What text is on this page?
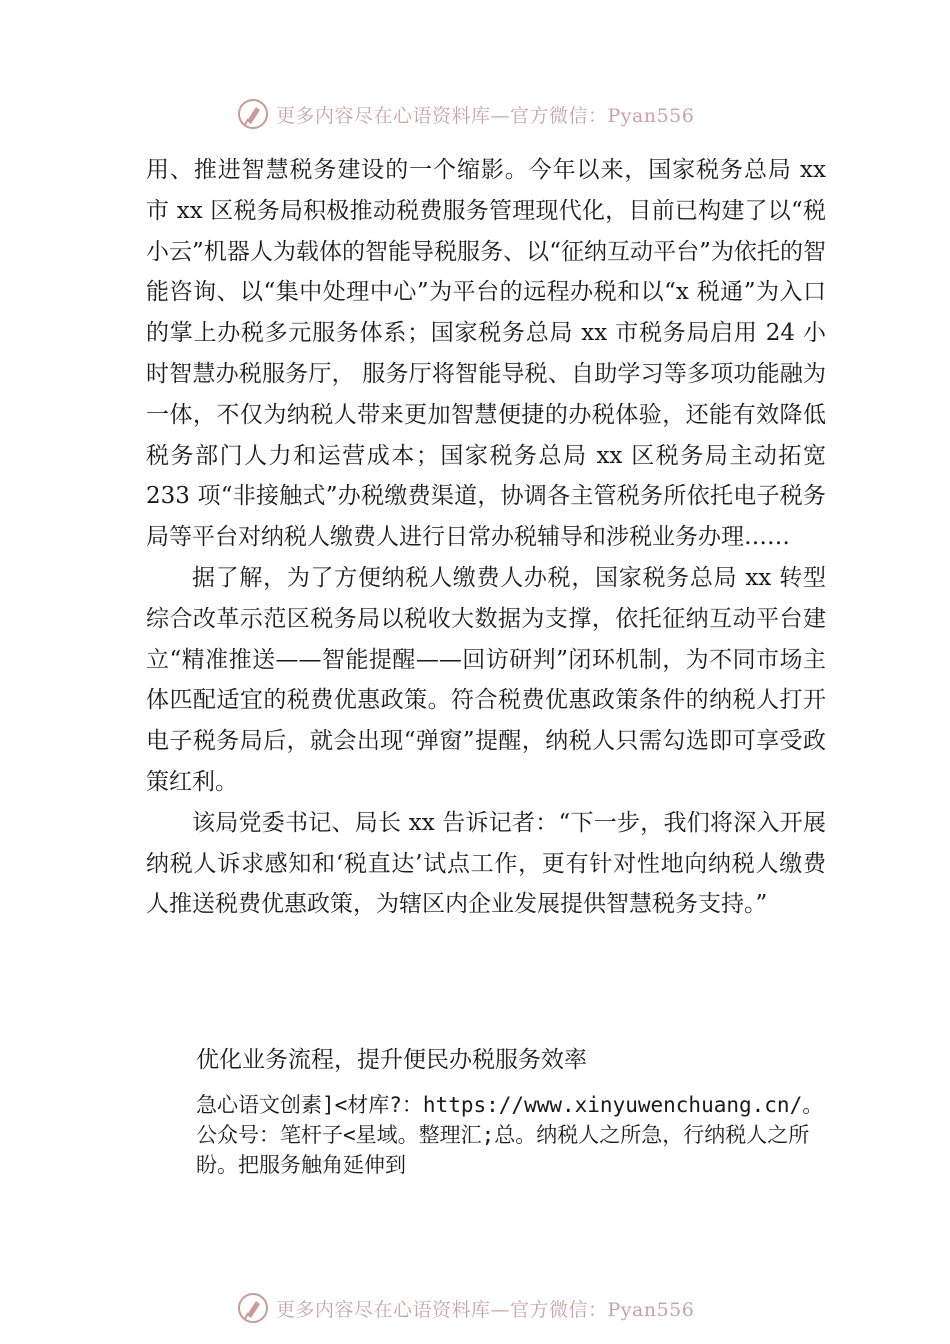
更多内容尽在心语资料库—官方微信：Pyan556

用、推进智慧税务建设的一个缩影。今年以来，国家税务总局 xx 市 xx 区税务局积极推动税费服务管理现代化，目前已构建了以“税小云”机器人为载体的智能导税服务、以“征纳互动平台”为依托的智能咨询、以“集中处理中心”为平台的远程办税和以“x 税通”为入口的掌上办税多元服务体系；国家税务总局 xx 市税务局启用 24 小时智慧办税服务厅， 服务厅将智能导税、自助学习等多项功能融为一体，不仅为纳税人带来更加智慧便捷的办税体验，还能有效降低税务部门人力和运营成本；国家税务总局 xx 区税务局主动拓宽 233 项“非接触式”办税缴费渠道，协调各主管税务所依托电子税务局等平台对纳税人缴费人进行日常办税辅导和涉税业务办理……

据了解，为了方便纳税人缴费人办税，国家税务总局 xx 转型综合改革示范区税务局以税收大数据为支撑，依托征纳互动平台建立“精准推送——智能提醒——回访研判”闭环机制，为不同市场主体匹配适宜的税费优惠政策。符合税费优惠政策条件的纳税人打开电子税务局后，就会出现“弹窗”提醒，纳税人只需勾选即可享受政策红利。

该局党委书记、局长 xx 告诉记者：“下一步，我们将深入开展纳税人诉求感知和‘税直达’试点工作，更有针对性地向纳税人缴费人推送税费优惠政策，为辖区内企业发展提供智慧税务支持。”

优化业务流程，提升便民办税服务效率
急心语文创素]<材库?：https://www.xinyuwenchuang.cn/。公众号：笔杆子<星域。整理汇;总。纳税人之所急，行纳税人之所盼。把服务触角延伸到
更多内容尽在心语资料库—官方微信：Pyan556
